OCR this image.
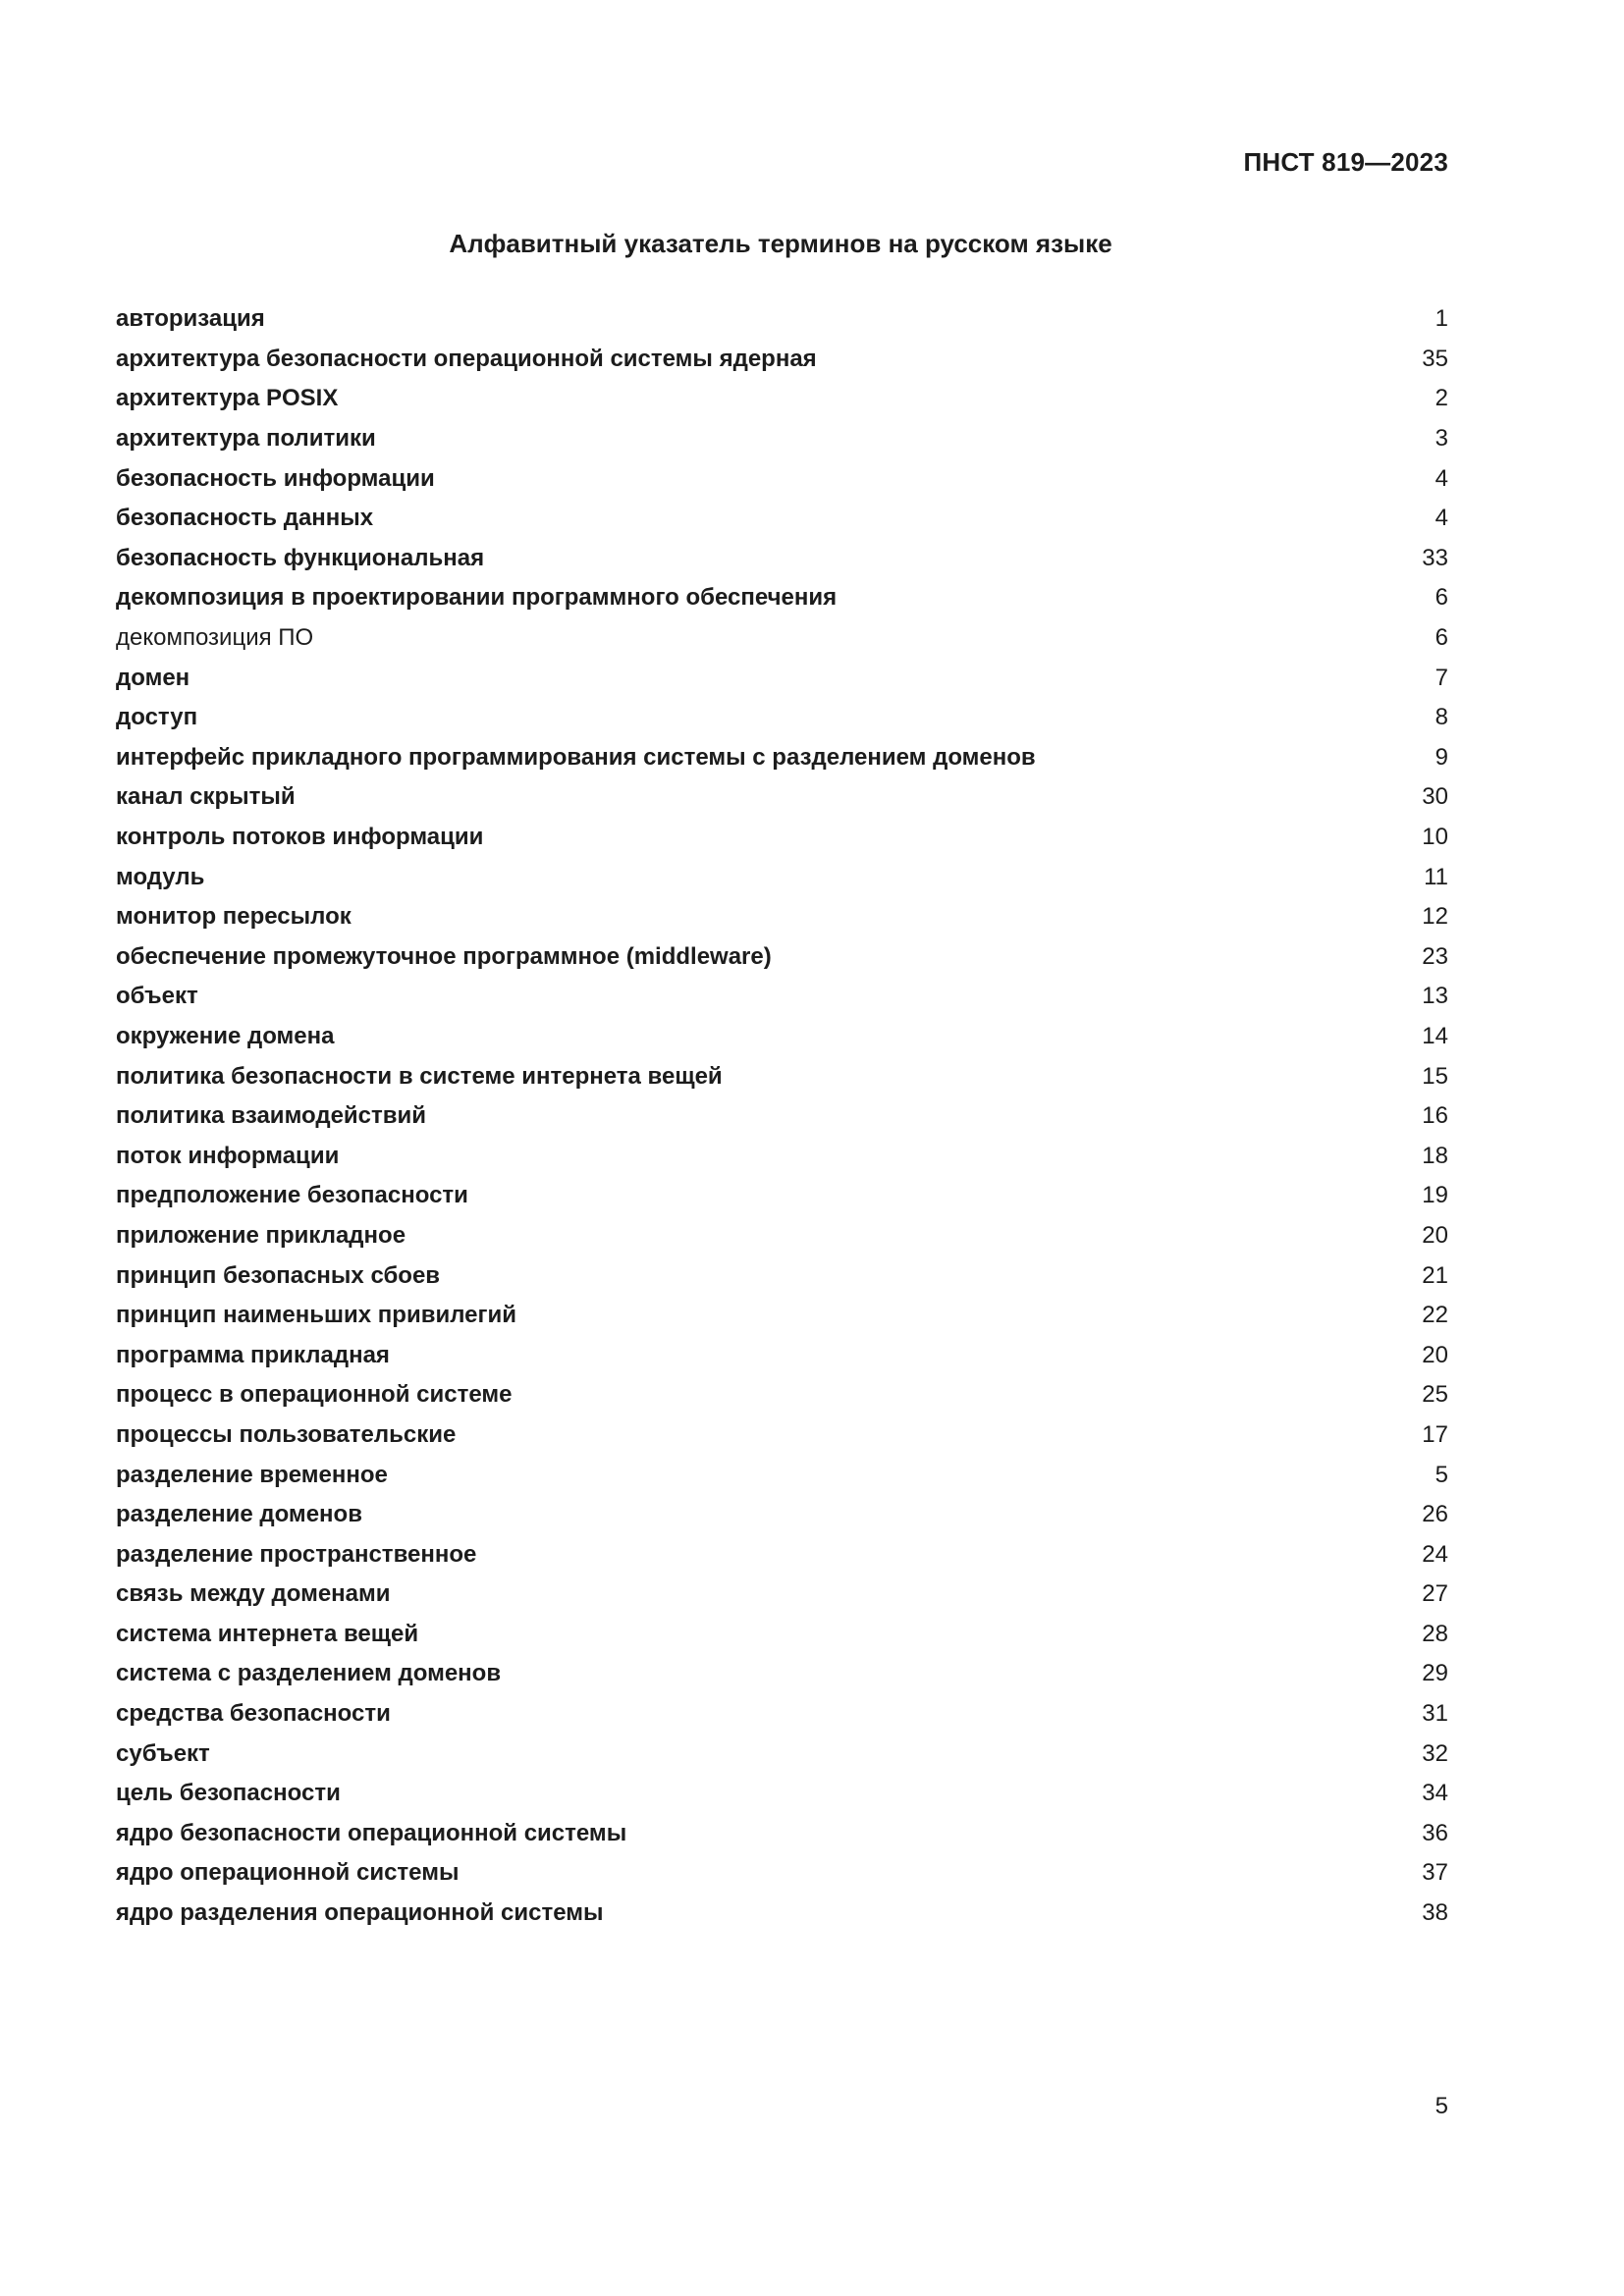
ПНСТ 819—2023
Алфавитный указатель терминов на русском языке
авторизация	1
архитектура безопасности операционной системы ядерная	35
архитектура POSIX	2
архитектура политики	3
безопасность информации	4
безопасность данных	4
безопасность функциональная	33
декомпозиция в проектировании программного обеспечения	6
декомпозиция ПО	6
домен	7
доступ	8
интерфейс прикладного программирования системы с разделением доменов	9
канал скрытый	30
контроль потоков информации	10
модуль	11
монитор пересылок	12
обеспечение промежуточное программное (middleware)	23
объект	13
окружение домена	14
политика безопасности в системе интернета вещей	15
политика взаимодействий	16
поток информации	18
предположение безопасности	19
приложение прикладное	20
принцип безопасных сбоев	21
принцип наименьших привилегий	22
программа прикладная	20
процесс в операционной системе	25
процессы пользовательские	17
разделение временное	5
разделение доменов	26
разделение пространственное	24
связь между доменами	27
система интернета вещей	28
система с разделением доменов	29
средства безопасности	31
субъект	32
цель безопасности	34
ядро безопасности операционной системы	36
ядро операционной системы	37
ядро разделения операционной системы	38
5
